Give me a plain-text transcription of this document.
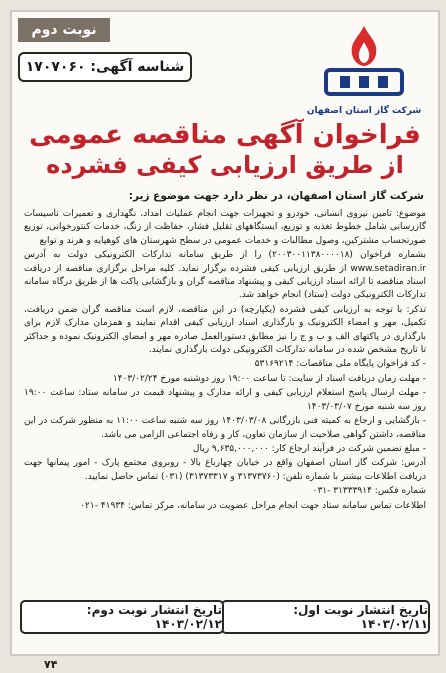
نوبت دوم
شناسه آگهی: ۱۷۰۷۰۶۰
شرکت گاز استان اصفهان
فراخوان آگهی مناقصه عمومی
از طریق ارزیابی کیفی فشرده
شرکت گاز استان اصفهان، در نظر دارد جهت موضوع زیر:

موضوع: تامین نیروی انسانی، خودرو و تجهیزات جهت انجام عملیات امداد، نگهداری و تعمیرات تأسیسات گازرسانی شامل خطوط تغذیه و توزیع، ایستگاههای تقلیل فشار، حفاظت از زنگ، خدمات کنتورخوانی، توزیع صورتحساب مشترکین، وصول مطالبات و خدمات عمومی در سطح شهرستان های کوهپایه و هرند و توابع

بشماره فراخوان (۲۰۰۳۰۰۱۱۳۸۰۰۰۰۱۸) را از طریق سامانه تدارکات الکترونیکی دولت به آدرس www.setadiran.ir از طریق ارزیابی کیفی فشرده برگزار نماید. کلیه مراحل برگزاری مناقصه از دریافت اسناد مناقصه تا ارائه اسناد ارزیابی کیفی و پیشنهاد مناقصه گران و بازگشایی پاکت ها از طریق درگاه سامانه تدارکات الکترونیکی دولت (ستاد) انجام خواهد شد.

تذکر: با توجه به ارزیابی کیفی فشرده (یکپارچه) در این مناقصه، لازم است مناقصه گران ضمن دریافت، تکمیل، مهر و امضاء الکترونیک و بارگذاری اسناد ارزیابی کیفی اقدام نمایند و همزمان مدارک لازم برای بارگذاری در پاکتهای الف و ب و ج را نیز مطابق دستورالعمل صادره مهر و امضای الکترونیک نموده و حداکثر تا تاریخ مشخص شده در سامانه تدارکات الکترونیکی دولت بارگذاری نمایند.

- کد فراخوان پایگاه ملی مناقصات: ۵۳۱۶۹۲۱۴

- مهلت زمان دریافت اسناد از سایت: تا ساعت ۱۹:۰۰ روز دوشنبه مورخ ۱۴۰۳/۰۲/۲۴

- مهلت ارسال پاسخ استعلام ارزیابی کیفی و ارائه مدارک و پیشنهاد قیمت در سامانه ستاد: ساعت ۱۹:۰۰ روز سه شنبه مورخ ۱۴۰۳/۰۳/۰۷

- بازگشایی و ارجاع به کمیته فنی بازرگانی ۱۴۰۳/۰۳/۰۸ روز سه شنبه ساعت ۱۱:۰۰ به منظور شرکت در این مناقصه، داشتن گواهی صلاحیت از سازمان تعاون، کار و رفاه اجتماعی الزامی می باشد.

- مبلغ تضمین شرکت در فرآیند ارجاع کار: ۹,۶۳۵,۰۰۰,۰۰۰ ریال

آدرس: شرکت گاز استان اصفهان واقع در خیابان چهارباغ بالا - روبروی مجتمع پارک - امور پیمانها جهت دریافت اطلاعات بیشتر با شماره تلفن: (۳۱۳۷۳۷۶۰ و ۳۱۳۷۳۳۱۷) (۰۳۱) تماس حاصل نمایید.

شماره فکس: ۳۱۳۳۳۹۱۴ -۰۳۱

اطلاعات تماس سامانه ستاد جهت انجام مراحل عضویت در سامانه، مرکز تماس: ۴۱۹۳۴ -۰۲۱

تاریخ انتشار نوبت اول: ۱۴۰۳/۰۲/۱۱
تاریخ انتشار نوبت دوم: ۱۴۰۳/۰۲/۱۲
۷۴
